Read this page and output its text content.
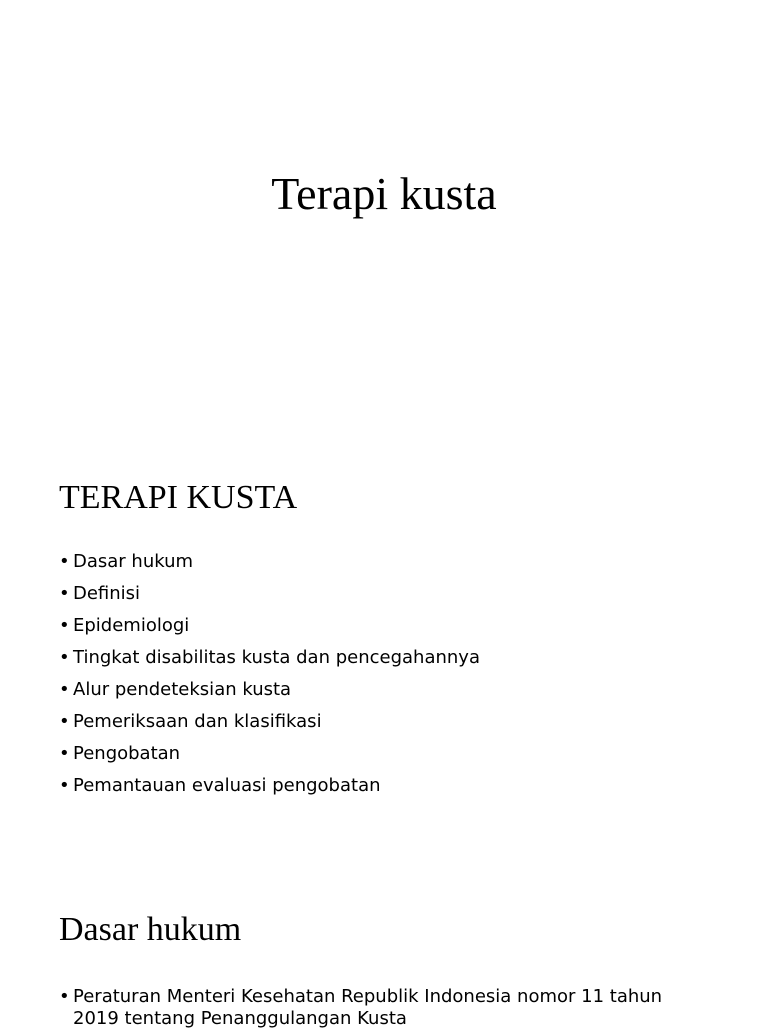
Terapi kusta
TERAPI KUSTA
• Dasar hukum
• Definisi
• Epidemiologi
• Tingkat disabilitas kusta dan pencegahannya
• Alur pendeteksian kusta
• Pemeriksaan dan klasifikasi
• Pengobatan
• Pemantauan evaluasi pengobatan
Dasar hukum
• Peraturan Menteri Kesehatan Republik Indonesia nomor 11 tahun 2019 tentang Penanggulangan Kusta
